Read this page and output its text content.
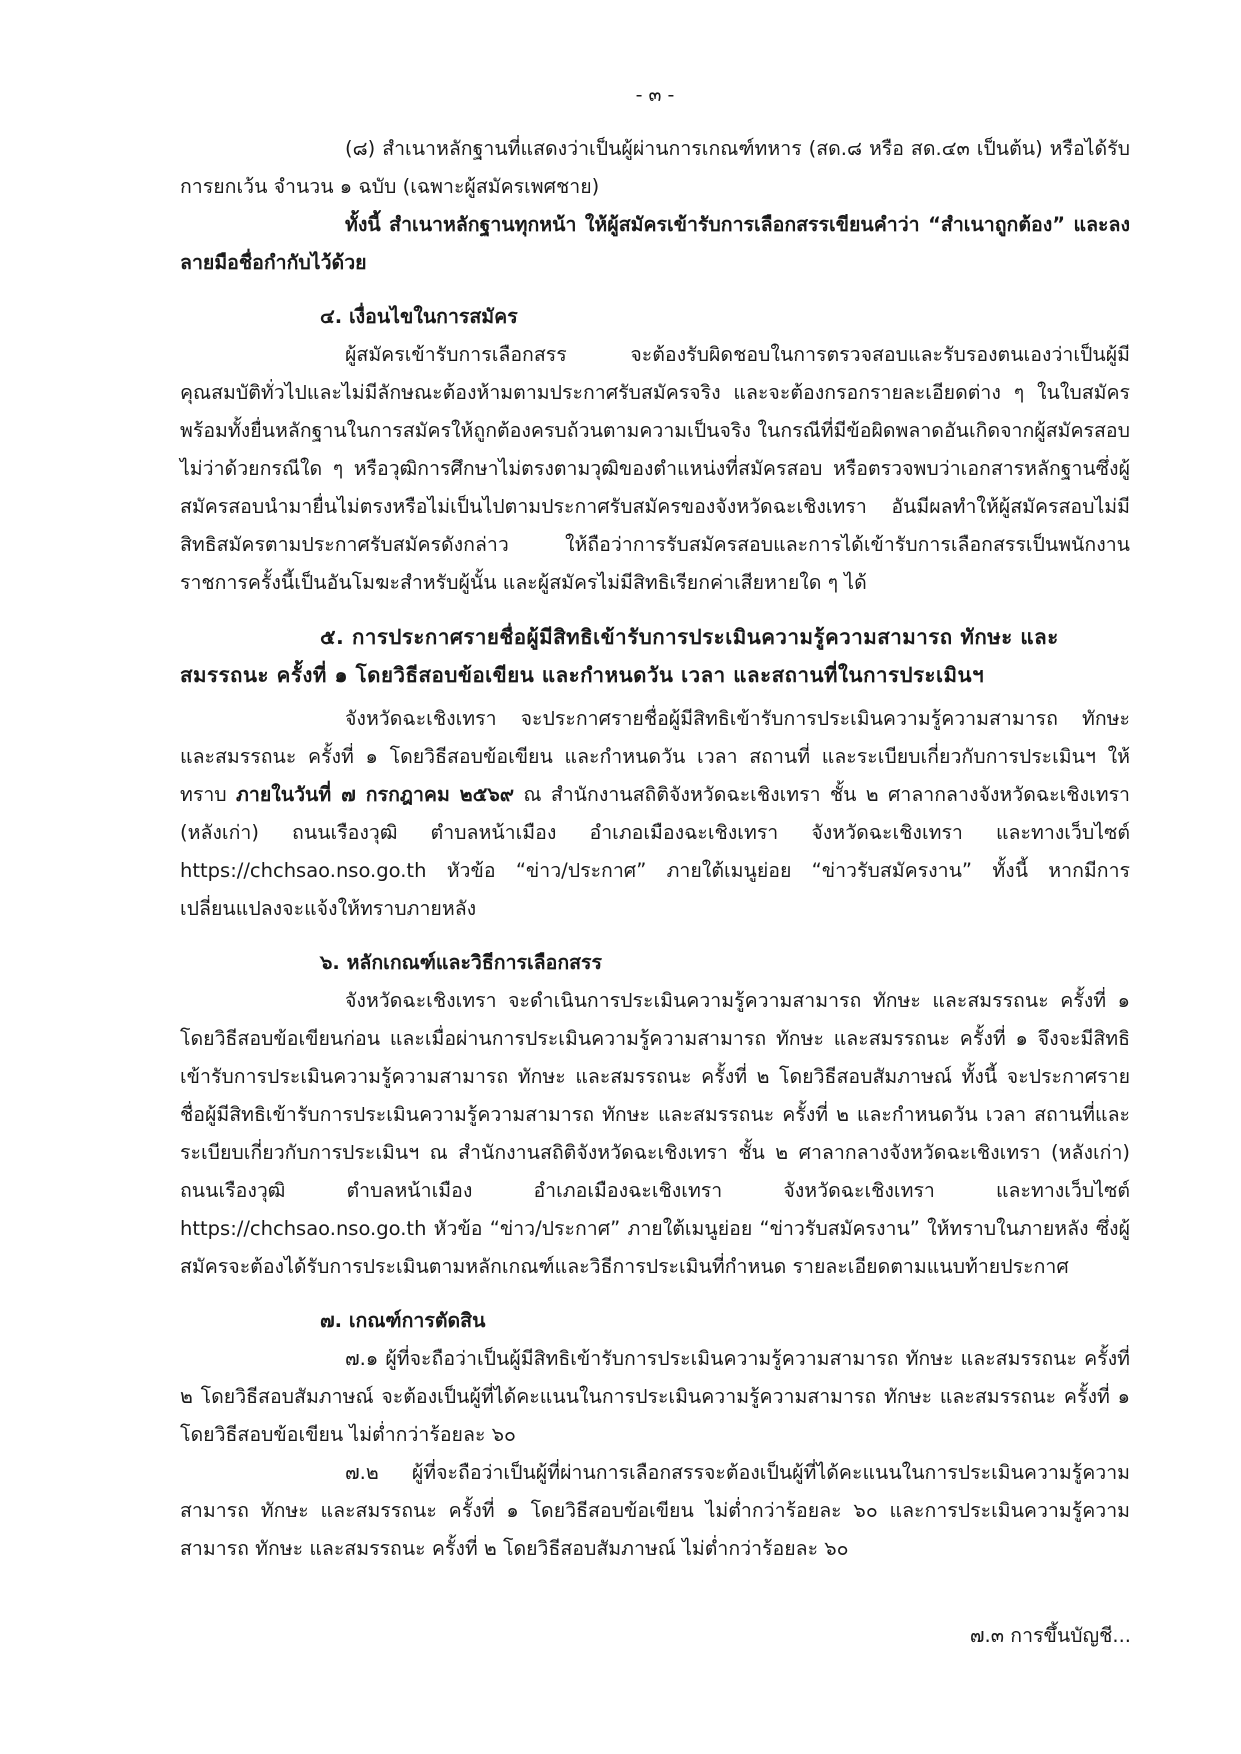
- ๓ -

(๘) สำเนาหลักฐานที่แสดงว่าเป็นผู้ผ่านการเกณฑ์ทหาร (สด.๘ หรือ สด.๔๓ เป็นต้น) หรือได้รับการยกเว้น จำนวน ๑ ฉบับ (เฉพาะผู้สมัครเพศชาย)

ทั้งนี้ สำเนาหลักฐานทุกหน้า ให้ผู้สมัครเข้ารับการเลือกสรรเขียนคำว่า “สำเนาถูกต้อง” และลงลายมือชื่อกำกับไว้ด้วย

๔. เงื่อนไขในการสมัคร

ผู้สมัครเข้ารับการเลือกสรร จะต้องรับผิดชอบในการตรวจสอบและรับรองตนเองว่าเป็นผู้มีคุณสมบัติทั่วไปและไม่มีลักษณะต้องห้ามตามประกาศรับสมัครจริง และจะต้องกรอกรายละเอียดต่าง ๆ ในใบสมัคร พร้อมทั้งยื่นหลักฐานในการสมัครให้ถูกต้องครบถ้วนตามความเป็นจริง ในกรณีที่มีข้อผิดพลาดอันเกิดจากผู้สมัครสอบ ไม่ว่าด้วยกรณีใด ๆ หรือวุฒิการศึกษาไม่ตรงตามวุฒิของตำแหน่งที่สมัครสอบ หรือตรวจพบว่าเอกสารหลักฐานซึ่งผู้สมัครสอบนำมายื่นไม่ตรงหรือไม่เป็นไปตามประกาศรับสมัครของจังหวัดฉะเชิงเทรา อันมีผลทำให้ผู้สมัครสอบไม่มีสิทธิสมัครตามประกาศรับสมัครดังกล่าว ให้ถือว่าการรับสมัครสอบและการได้เข้ารับการเลือกสรรเป็นพนักงานราชการครั้งนี้เป็นอันโมฆะสำหรับผู้นั้น และผู้สมัครไม่มีสิทธิเรียกค่าเสียหายใด ๆ ได้

๕. การประกาศรายชื่อผู้มีสิทธิเข้ารับการประเมินความรู้ความสามารถ ทักษะ และสมรรถนะ ครั้งที่ ๑ โดยวิธีสอบข้อเขียน และกำหนดวัน เวลา และสถานที่ในการประเมินฯ

จังหวัดฉะเชิงเทรา จะประกาศรายชื่อผู้มีสิทธิเข้ารับการประเมินความรู้ความสามารถ ทักษะ และสมรรถนะ ครั้งที่ ๑ โดยวิธีสอบข้อเขียน และกำหนดวัน เวลา สถานที่ และระเบียบเกี่ยวกับการประเมินฯ ให้ทราบ ภายในวันที่ ๗ กรกฎาคม ๒๕๖๙ ณ สำนักงานสถิติจังหวัดฉะเชิงเทรา ชั้น ๒ ศาลากลางจังหวัดฉะเชิงเทรา (หลังเก่า) ถนนเรืองวุฒิ ตำบลหน้าเมือง อำเภอเมืองฉะเชิงเทรา จังหวัดฉะเชิงเทรา และทางเว็บไซต์ https://chchsao.nso.go.th หัวข้อ “ข่าว/ประกาศ” ภายใต้เมนูย่อย “ข่าวรับสมัครงาน” ทั้งนี้ หากมีการเปลี่ยนแปลงจะแจ้งให้ทราบภายหลัง

๖. หลักเกณฑ์และวิธีการเลือกสรร

จังหวัดฉะเชิงเทรา จะดำเนินการประเมินความรู้ความสามารถ ทักษะ และสมรรถนะ ครั้งที่ ๑ โดยวิธีสอบข้อเขียนก่อน และเมื่อผ่านการประเมินความรู้ความสามารถ ทักษะ และสมรรถนะ ครั้งที่ ๑ จึงจะมีสิทธิเข้ารับการประเมินความรู้ความสามารถ ทักษะ และสมรรถนะ ครั้งที่ ๒ โดยวิธีสอบสัมภาษณ์ ทั้งนี้ จะประกาศรายชื่อผู้มีสิทธิเข้ารับการประเมินความรู้ความสามารถ ทักษะ และสมรรถนะ ครั้งที่ ๒ และกำหนดวัน เวลา สถานที่และระเบียบเกี่ยวกับการประเมินฯ ณ สำนักงานสถิติจังหวัดฉะเชิงเทรา ชั้น ๒ ศาลากลางจังหวัดฉะเชิงเทรา (หลังเก่า) ถนนเรืองวุฒิ ตำบลหน้าเมือง อำเภอเมืองฉะเชิงเทรา จังหวัดฉะเชิงเทรา และทางเว็บไซต์ https://chchsao.nso.go.th หัวข้อ “ข่าว/ประกาศ” ภายใต้เมนูย่อย “ข่าวรับสมัครงาน” ให้ทราบในภายหลัง ซึ่งผู้สมัครจะต้องได้รับการประเมินตามหลักเกณฑ์และวิธีการประเมินที่กำหนด รายละเอียดตามแนบท้ายประกาศ

๗. เกณฑ์การตัดสิน

๗.๑ ผู้ที่จะถือว่าเป็นผู้มีสิทธิเข้ารับการประเมินความรู้ความสามารถ ทักษะ และสมรรถนะ ครั้งที่ ๒ โดยวิธีสอบสัมภาษณ์ จะต้องเป็นผู้ที่ได้คะแนนในการประเมินความรู้ความสามารถ ทักษะ และสมรรถนะ ครั้งที่ ๑ โดยวิธีสอบข้อเขียน ไม่ต่ำกว่าร้อยละ ๖๐

๗.๒ ผู้ที่จะถือว่าเป็นผู้ที่ผ่านการเลือกสรรจะต้องเป็นผู้ที่ได้คะแนนในการประเมินความรู้ความสามารถ ทักษะ และสมรรถนะ ครั้งที่ ๑ โดยวิธีสอบข้อเขียน ไม่ต่ำกว่าร้อยละ ๖๐ และการประเมินความรู้ความสามารถ ทักษะ และสมรรถนะ ครั้งที่ ๒ โดยวิธีสอบสัมภาษณ์ ไม่ต่ำกว่าร้อยละ ๖๐

๗.๓ การขึ้นบัญชี...
